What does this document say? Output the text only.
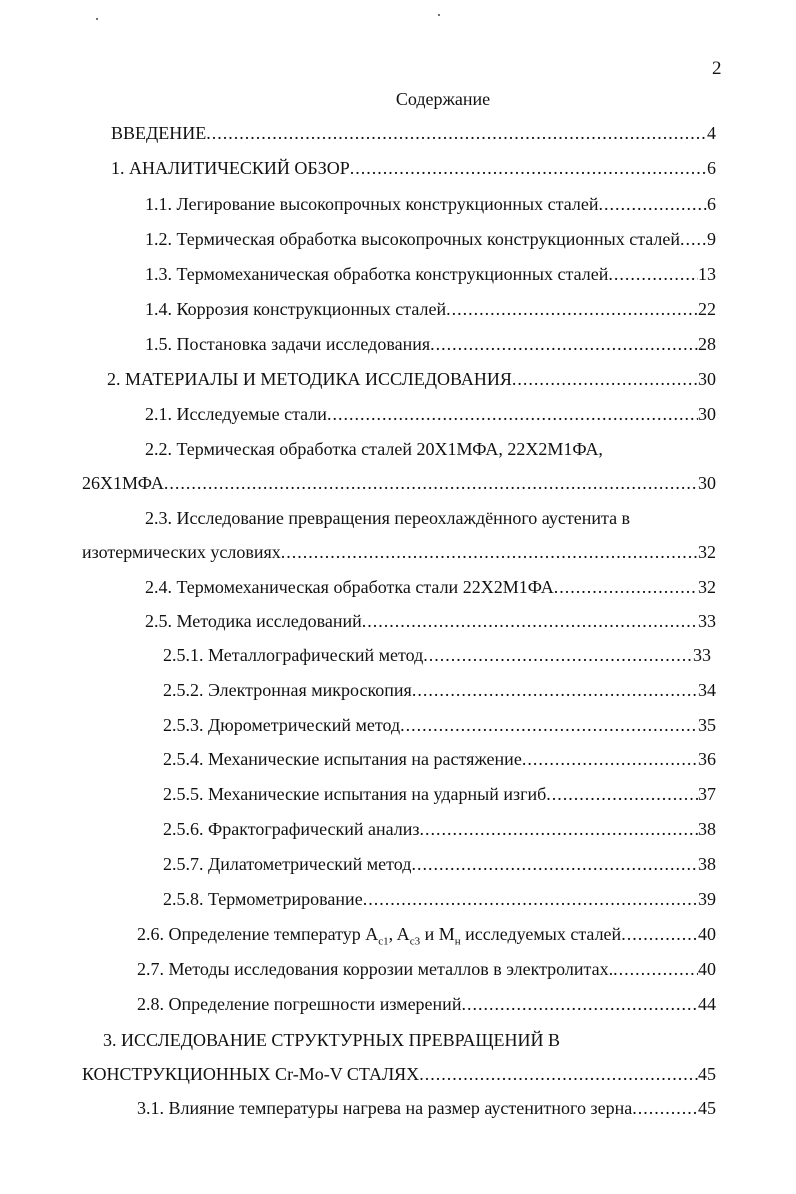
2
Содержание
ВВЕДЕНИЕ .....	4
1. АНАЛИТИЧЕСКИЙ ОБЗОР .....	6
1.1. Легирование высокопрочных конструкционных сталей .....	6
1.2. Термическая обработка высокопрочных конструкционных сталей ..... 9
1.3. Термомеханическая обработка конструкционных сталей .....	13
1.4. Коррозия конструкционных сталей .....	22
1.5. Постановка задачи исследования .....	28
2. МАТЕРИАЛЫ И МЕТОДИКА ИССЛЕДОВАНИЯ .....	30
2.1. Исследуемые стали .....	30
2.2. Термическая обработка сталей 20Х1МФА, 22Х2М1ФА,
26Х1МФА .....	30
2.3. Исследование превращения переохлаждённого аустенита в
изотермических условиях .....	32
2.4. Термомеханическая обработка стали 22Х2М1ФА .....	32
2.5. Методика исследований .....	33
2.5.1. Металлографический метод .....	33
2.5.2. Электронная микроскопия .....	34
2.5.3. Дюрометрический метод .....	35
2.5.4. Механические испытания на растяжение .....	36
2.5.5. Механические испытания на ударный изгиб .....	37
2.5.6. Фрактографический анализ .....	38
2.5.7. Дилатометрический метод .....	38
2.5.8. Термометрирование .....	39
2.6. Определение температур $A_{c1}$, $A_{c3}$ и $M_н$ исследуемых сталей .....	40
2.7. Методы исследования коррозии металлов в электролитах. .....	40
2.8. Определение погрешности измерений .....	44
3. ИССЛЕДОВАНИЕ СТРУКТУРНЫХ ПРЕВРАЩЕНИЙ В
КОНСТРУКЦИОННЫХ Cr-Mo-V СТАЛЯХ .....	45
3.1. Влияние температуры нагрева на размер аустенитного зерна .....	45
